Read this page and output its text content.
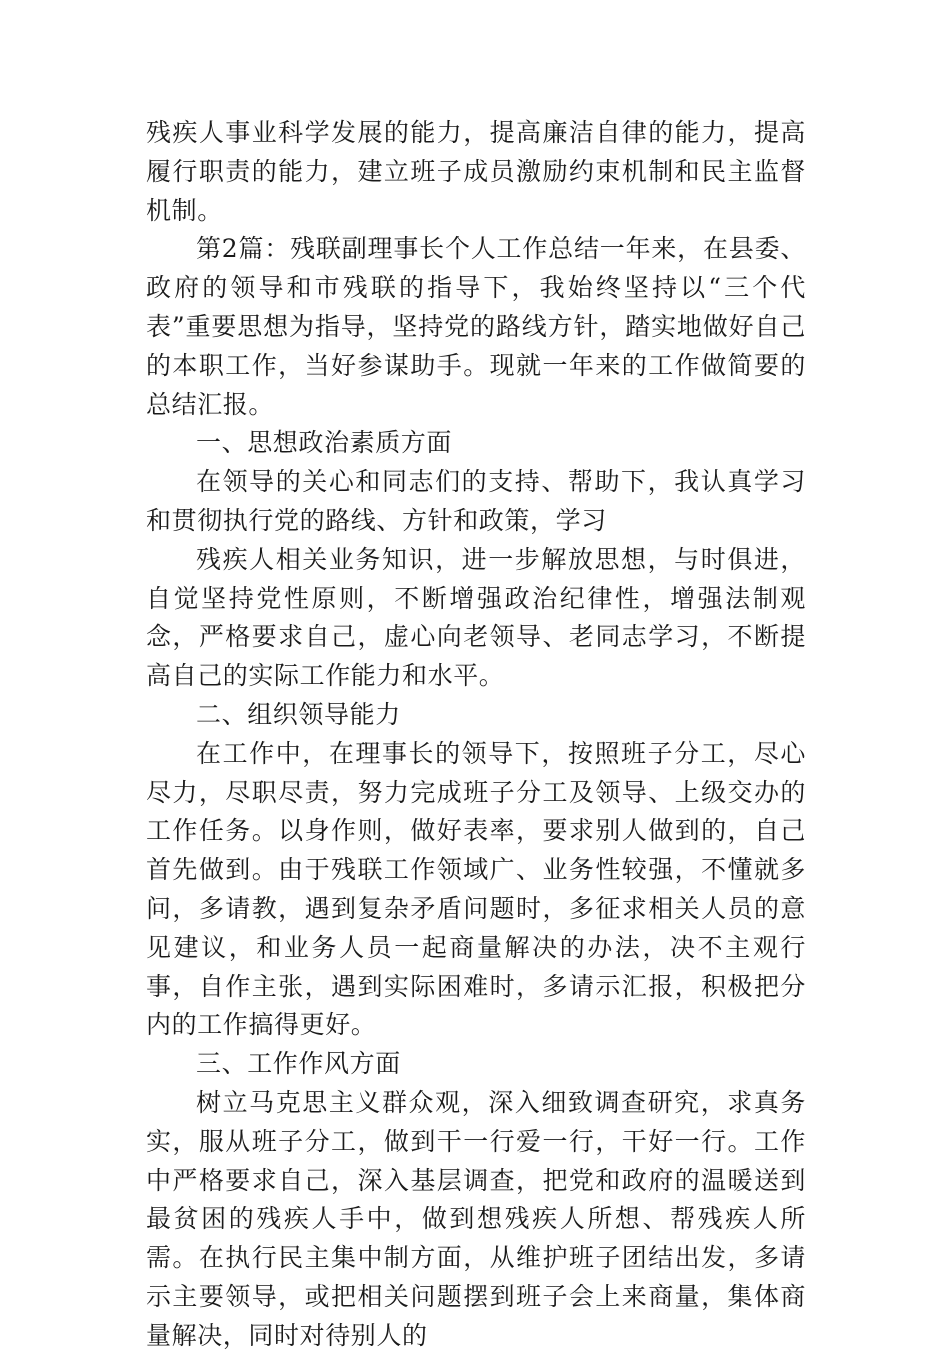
残疾人事业科学发展的能力，提高廉洁自律的能力，提高履行职责的能力，建立班子成员激励约束机制和民主监督机制。

第2篇：残联副理事长个人工作总结一年来，在县委、政府的领导和市残联的指导下，我始终坚持以“三个代表”重要思想为指导，坚持党的路线方针，踏实地做好自己的本职工作，当好参谋助手。现就一年来的工作做简要的总结汇报。

一、思想政治素质方面

在领导的关心和同志们的支持、帮助下，我认真学习和贯彻执行党的路线、方针和政策，学习

残疾人相关业务知识，进一步解放思想，与时俱进，自觉坚持党性原则，不断增强政治纪律性，增强法制观念，严格要求自己，虚心向老领导、老同志学习，不断提高自己的实际工作能力和水平。

二、组织领导能力

在工作中，在理事长的领导下，按照班子分工，尽心尽力，尽职尽责，努力完成班子分工及领导、上级交办的工作任务。以身作则，做好表率，要求别人做到的，自己首先做到。由于残联工作领域广、业务性较强，不懂就多问，多请教，遇到复杂矛盾问题时，多征求相关人员的意见建议，和业务人员一起商量解决的办法，决不主观行事，自作主张，遇到实际困难时，多请示汇报，积极把分内的工作搞得更好。

三、工作作风方面

树立马克思主义群众观，深入细致调查研究，求真务实，服从班子分工，做到干一行爱一行，干好一行。工作中严格要求自己，深入基层调查，把党和政府的温暖送到最贫困的残疾人手中，做到想残疾人所想、帮残疾人所需。在执行民主集中制方面，从维护班子团结出发，多请示主要领导，或把相关问题摆到班子会上来商量，集体商量解决，同时对待别人的
